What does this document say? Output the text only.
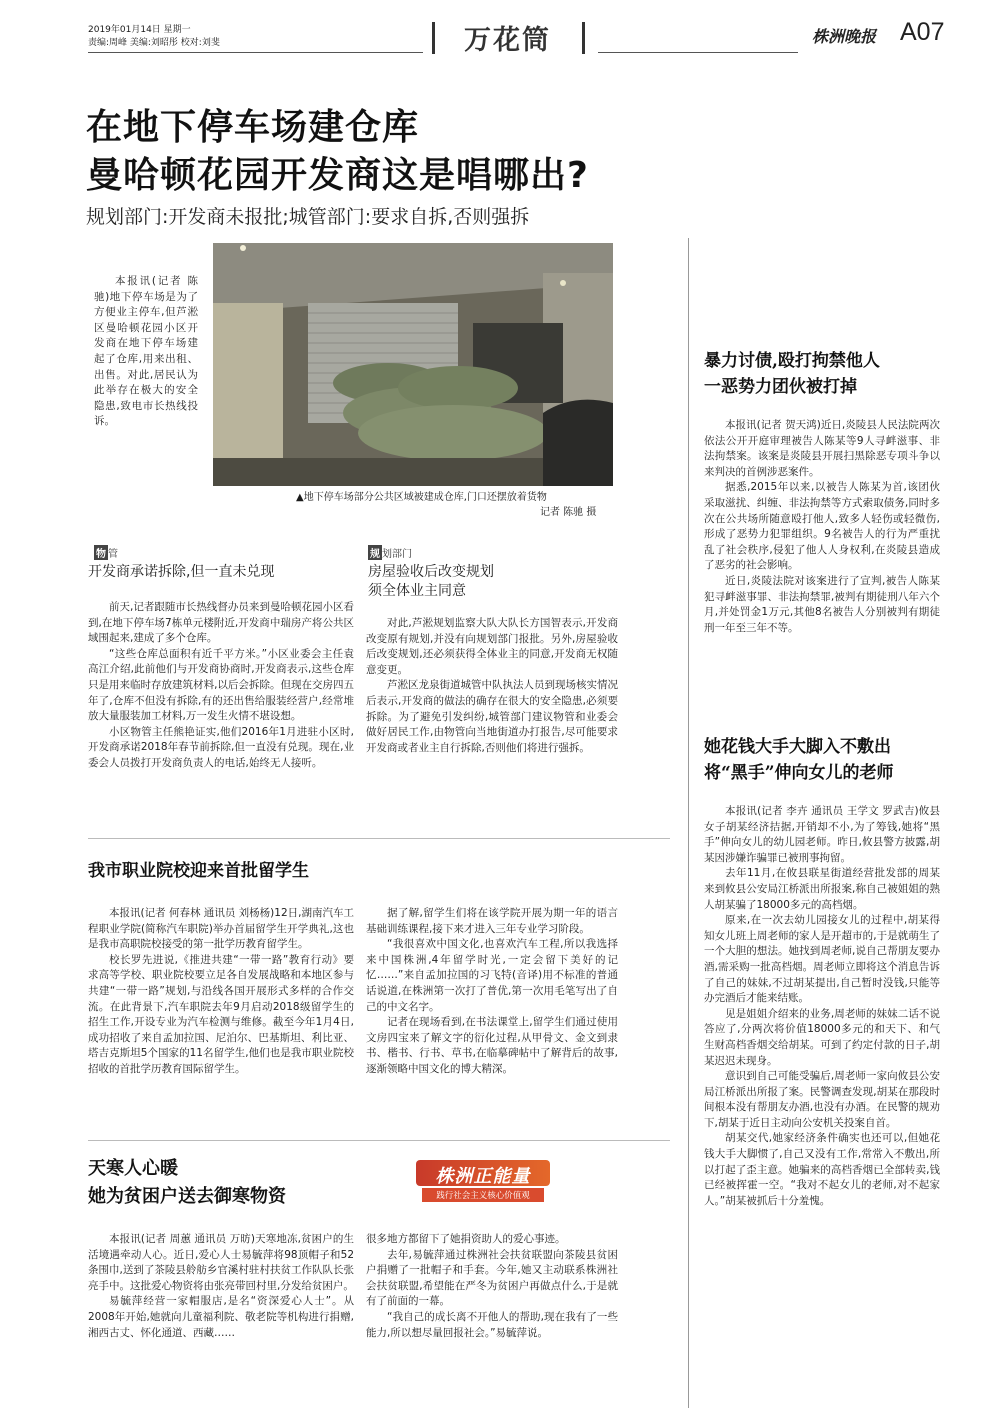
2019年01月14日 星期一
责编:周峰 美编:刘昭彤 校对:刘斐	万花筒	株洲晚报 A07
在地下停车场建仓库
曼哈顿花园开发商这是唱哪出?
规划部门:开发商未报批;城管部门:要求自拆,否则强拆

本报讯(记者 陈驰)地下停车场是为了方便业主停车,但芦淞区曼哈顿花园小区开发商在地下停车场建起了仓库,用来出租、出售。对此,居民认为此举存在极大的安全隐患,致电市长热线投诉。

▲地下停车场部分公共区域被建成仓库,门口还摆放着货物
记者 陈驰 摄
物 管
开发商承诺拆除,但一直未兑现

前天,记者跟随市长热线督办员来到曼哈顿花园小区看到,在地下停车场7栋单元楼附近,开发商中瑞房产将公共区域围起来,建成了多个仓库。

“这些仓库总面积有近千平方米。”小区业委会主任袁高江介绍,此前他们与开发商协商时,开发商表示,这些仓库只是用来临时存放建筑材料,以后会拆除。但现在交房四五年了,仓库不但没有拆除,有的还出售给服装经营户,经常堆放大量服装加工材料,万一发生火情不堪设想。

小区物管主任熊艳证实,他们2016年1月进驻小区时,开发商承诺2018年春节前拆除,但一直没有兑现。现在,业委会人员拨打开发商负责人的电话,始终无人接听。

规 划部门
房屋验收后改变规划
须全体业主同意

对此,芦淞规划监察大队大队长方国智表示,开发商改变原有规划,并没有向规划部门报批。另外,房屋验收后改变规划,还必须获得全体业主的同意,开发商无权随意变更。

芦淞区龙泉街道城管中队执法人员到现场核实情况后表示,开发商的做法的确存在很大的安全隐患,必须要拆除。为了避免引发纠纷,城管部门建议物管和业委会做好居民工作,由物管向当地街道办打报告,尽可能要求开发商或者业主自行拆除,否则他们将进行强拆。

暴力讨债,殴打拘禁他人
一恶势力团伙被打掉

本报讯(记者 贺天鸿)近日,炎陵县人民法院两次依法公开开庭审理被告人陈某等9人寻衅滋事、非法拘禁案。该案是炎陵县开展扫黑除恶专项斗争以来判决的首例涉恶案件。

据悉,2015年以来,以被告人陈某为首,该团伙采取滋扰、纠缠、非法拘禁等方式索取债务,同时多次在公共场所随意殴打他人,致多人轻伤或轻微伤,形成了恶势力犯罪组织。9名被告人的行为严重扰乱了社会秩序,侵犯了他人人身权利,在炎陵县造成了恶劣的社会影响。

近日,炎陵法院对该案进行了宣判,被告人陈某犯寻衅滋事罪、非法拘禁罪,被判有期徒刑八年六个月,并处罚金1万元,其他8名被告人分别被判有期徒刑一年至三年不等。

她花钱大手大脚入不敷出
将“黑手”伸向女儿的老师

本报讯(记者 李卉 通讯员 王学文 罗武吉)攸县女子胡某经济拮据,开销却不小,为了筹钱,她将“黑手”伸向女儿的幼儿园老师。昨日,攸县警方披露,胡某因涉嫌诈骗罪已被刑事拘留。

去年11月,在攸县联星街道经营批发部的周某来到攸县公安局江桥派出所报案,称自己被姐姐的熟人胡某骗了18000多元的高档烟。

原来,在一次去幼儿园接女儿的过程中,胡某得知女儿班上周老师的家人是开超市的,于是就萌生了一个大胆的想法。她找到周老师,说自己帮朋友要办酒,需采购一批高档烟。周老师立即将这个消息告诉了自己的妹妹,不过胡某提出,自己暂时没钱,只能等办完酒后才能来结账。

见是姐姐介绍来的业务,周老师的妹妹二话不说答应了,分两次将价值18000多元的和天下、和气生财高档香烟交给胡某。可到了约定付款的日子,胡某迟迟未现身。

意识到自己可能受骗后,周老师一家向攸县公安局江桥派出所报了案。民警调查发现,胡某在那段时间根本没有帮朋友办酒,也没有办酒。在民警的规劝下,胡某于近日主动向公安机关投案自首。

胡某交代,她家经济条件确实也还可以,但她花钱大手大脚惯了,自己又没有工作,常常入不敷出,所以打起了歪主意。她骗来的高档香烟已全部转卖,钱已经被挥霍一空。“我对不起女儿的老师,对不起家人。”胡某被抓后十分羞愧。

我市职业院校迎来首批留学生

本报讯(记者 何春林 通讯员 刘杨杨)12日,湖南汽车工程职业学院(简称汽车职院)举办首届留学生开学典礼,这也是我市高职院校接受的第一批学历教育留学生。

校长罗先进说,《推进共建“一带一路”教育行动》要求高等学校、职业院校要立足各自发展战略和本地区参与共建“一带一路”规划,与沿线各国开展形式多样的合作交流。在此背景下,汽车职院去年9月启动2018级留学生的招生工作,开设专业为汽车检测与维修。截至今年1月4日,成功招收了来自孟加拉国、尼泊尔、巴基斯坦、利比亚、塔吉克斯坦5个国家的11名留学生,他们也是我市职业院校招收的首批学历教育国际留学生。

据了解,留学生们将在该学院开展为期一年的语言基础训练课程,接下来才进入三年专业学习阶段。

“我很喜欢中国文化,也喜欢汽车工程,所以我选择来中国株洲,4年留学时光,一定会留下美好的记忆……”来自孟加拉国的习飞特(音译)用不标准的普通话说道,在株洲第一次打了普优,第一次用毛笔写出了自己的中文名字。

记者在现场看到,在书法课堂上,留学生们通过使用文房四宝来了解文字的衍化过程,从甲骨文、金文到隶书、楷书、行书、草书,在临摹碑帖中了解背后的故事,逐渐领略中国文化的博大精深。

天寒人心暖
她为贫困户送去御寒物资
株洲正能量
践行社会主义核心价值观

本报讯(记者 周蕙 通讯员 万昉)天寒地冻,贫困户的生活境遇牵动人心。近日,爱心人士易毓萍将98顶帽子和52条围巾,送到了茶陵县舲舫乡官溪村驻村扶贫工作队队长张亮手中。这批爱心物资将由张亮带回村里,分发给贫困户。

易毓萍经营一家帽服店,是名“资深爱心人士”。从2008年开始,她就向儿童福利院、敬老院等机构进行捐赠,湘西古丈、怀化通道、西藏……

很多地方都留下了她捐资助人的爱心事迹。

去年,易毓萍通过株洲社会扶贫联盟向茶陵县贫困户捐赠了一批帽子和手套。今年,她又主动联系株洲社会扶贫联盟,希望能在严冬为贫困户再做点什么,于是就有了前面的一幕。

“我自己的成长离不开他人的帮助,现在我有了一些能力,所以想尽量回报社会。”易毓萍说。
